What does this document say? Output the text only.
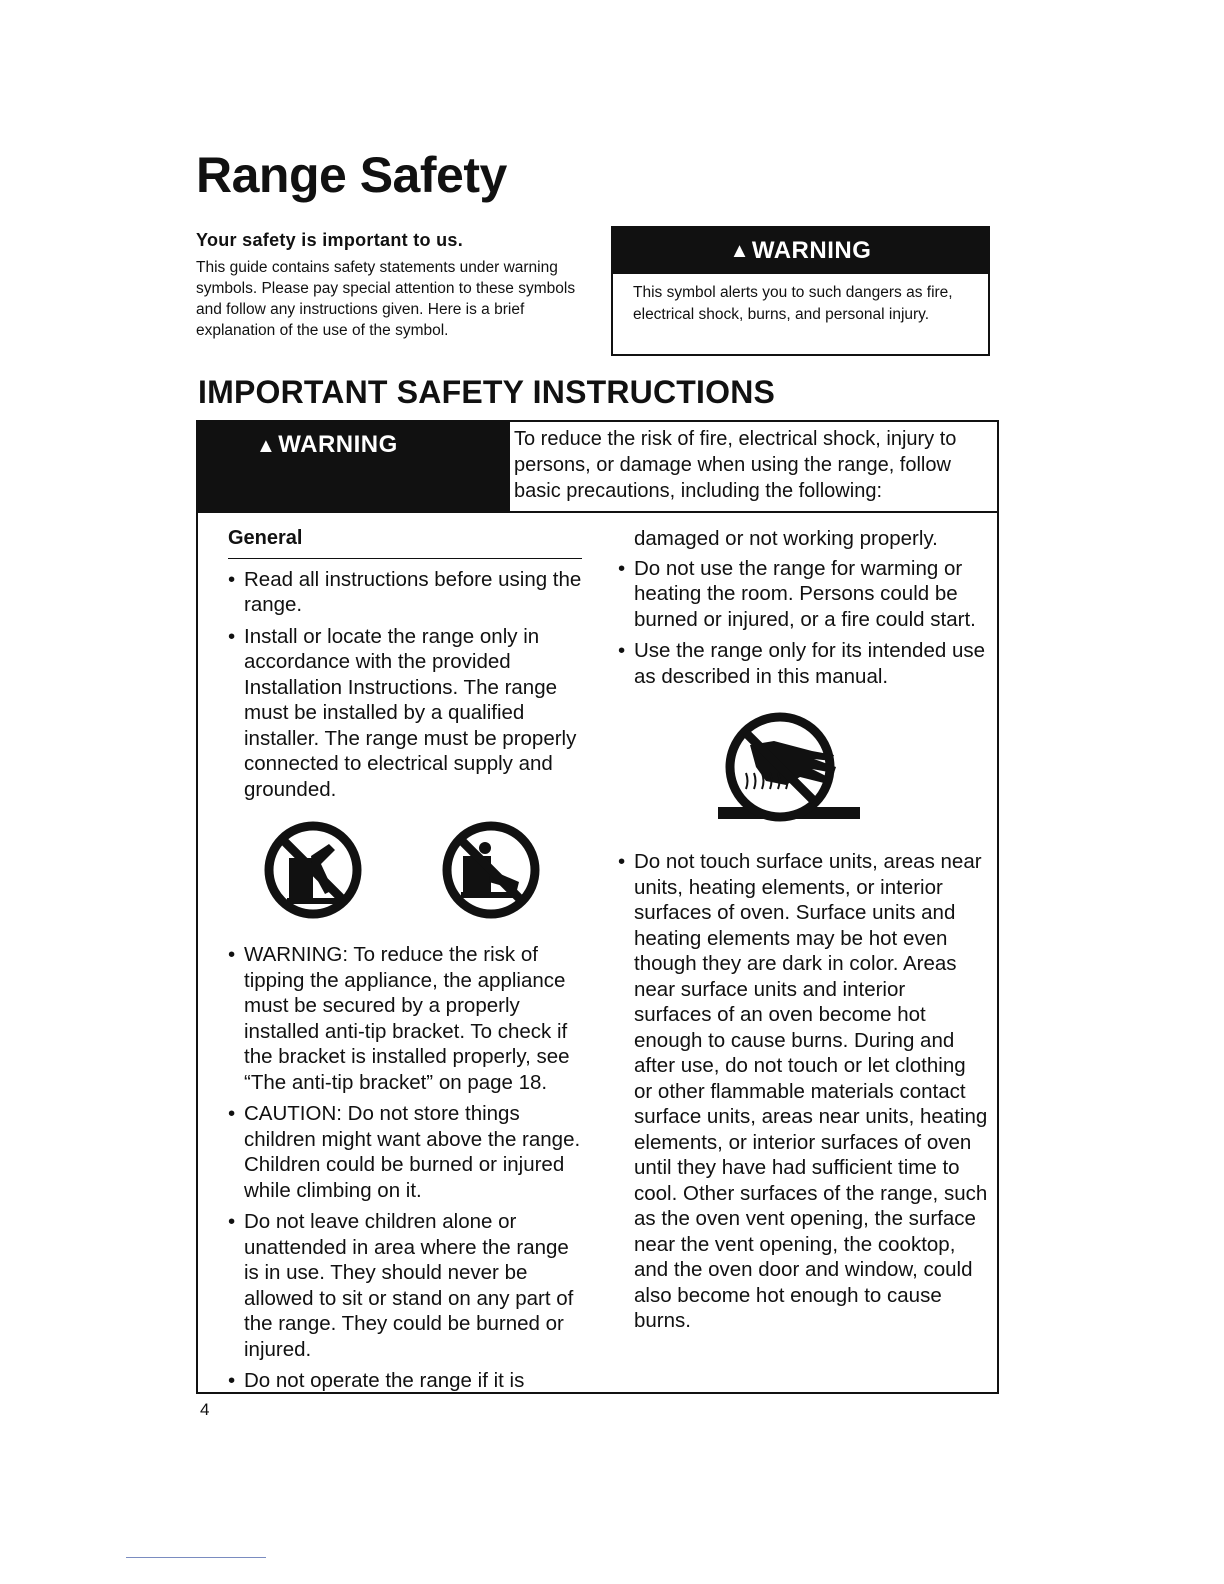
Range Safety

Your safety is important to us.

This guide contains safety statements under warning symbols. Please pay special attention to these symbols and follow any instructions given. Here is a brief explanation of the use of the symbol.

▲ WARNING
This symbol alerts you to such dangers as fire, electrical shock, burns, and personal injury.
IMPORTANT SAFETY INSTRUCTIONS
▲WARNING	To reduce the risk of fire, electrical shock, injury to persons, or damage when using the range, follow basic precautions, including the following:
General
• Read all instructions before using the range.
• Install or locate the range only in accordance with the provided Installation Instructions. The range must be installed by a qualified installer. The range must be properly connected to electrical supply and grounded.
• WARNING: To reduce the risk of tipping the appliance, the appliance must be secured by a properly installed anti-tip bracket. To check if the bracket is installed properly, see “The anti-tip bracket” on page 18.
• CAUTION: Do not store things children might want above the range. Children could be burned or injured while climbing on it.
• Do not leave children alone or unattended in area where the range is in use. They should never be allowed to sit or stand on any part of the range. They could be burned or injured.
• Do not operate the range if it is

damaged or not working properly.

• Do not use the range for warming or heating the room. Persons could be burned or injured, or a fire could start.
• Use the range only for its intended use as described in this manual.
• Do not touch surface units, areas near units, heating elements, or interior surfaces of oven. Surface units and heating elements may be hot even though they are dark in color. Areas near surface units and interior surfaces of an oven become hot enough to cause burns. During and after use, do not touch or let clothing or other flammable materials contact surface units, areas near units, heating elements, or interior surfaces of oven until they have had sufficient time to cool. Other surfaces of the range, such as the oven vent opening, the surface near the vent opening, the cooktop, and the oven door and window, could also become hot enough to cause burns.
4
